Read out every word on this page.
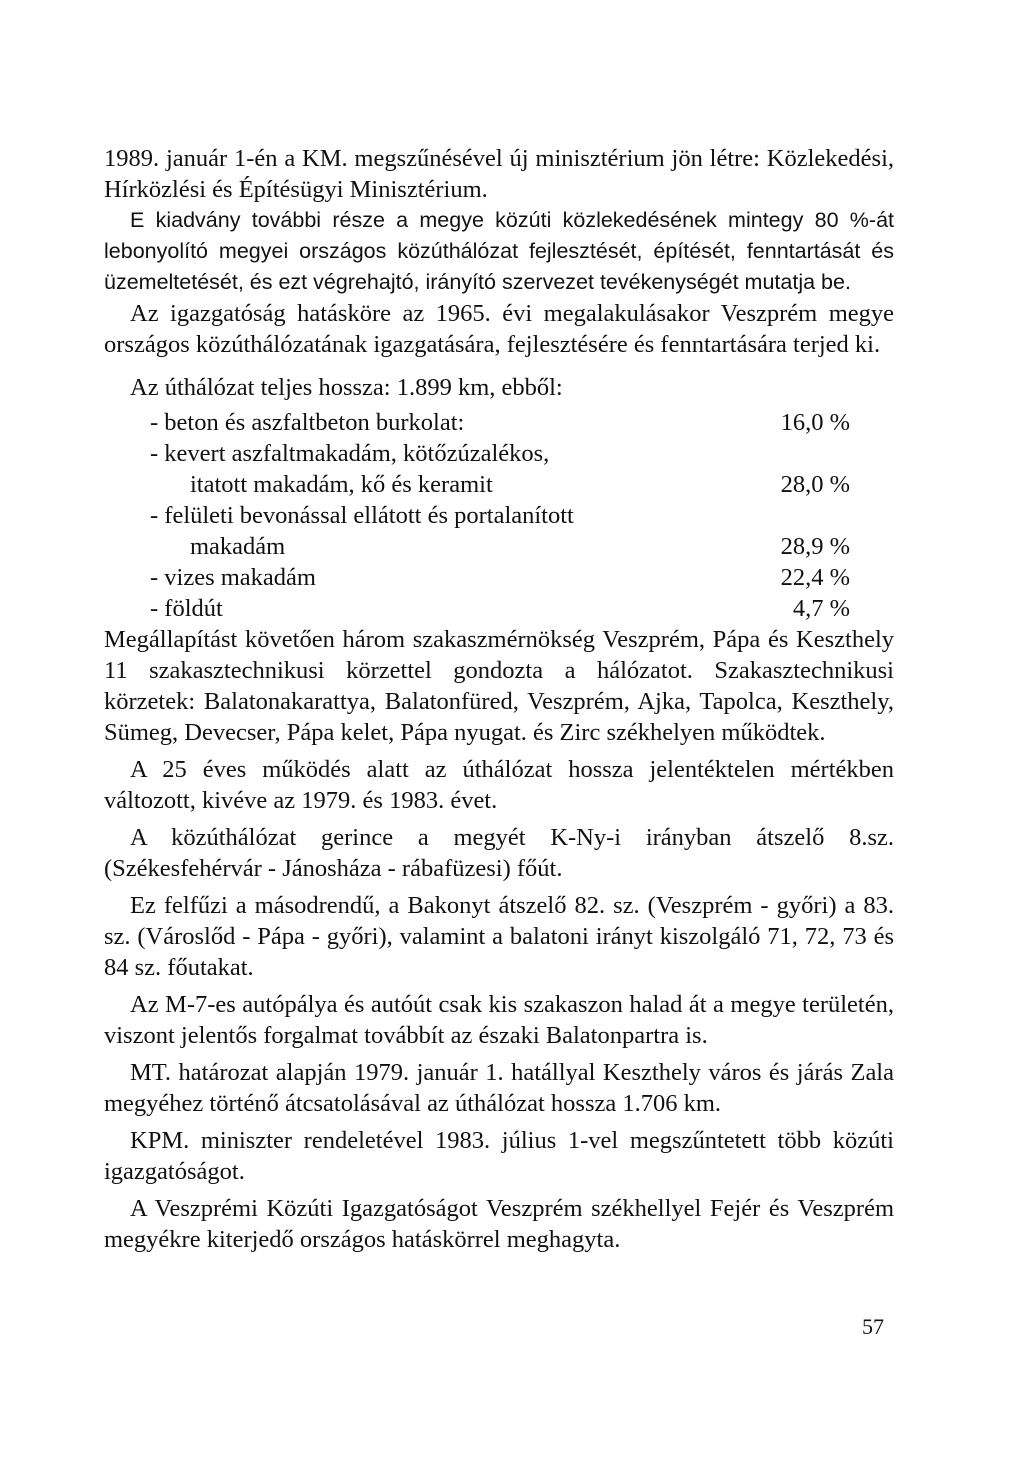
1989. január 1-én a KM. megszűnésével új minisztérium jön létre: Közlekedési, Hírközlési és Építésügyi Minisztérium.

E kiadvány további része a megye közúti közlekedésének mintegy 80 %-át lebonyolító megyei országos közúthálózat fejlesztését, építését, fenntartását és üzemeltetését, és ezt végrehajtó, irányító szervezet tevékenységét mutatja be.

Az igazgatóság hatásköre az 1965. évi megalakulásakor Veszprém megye országos közúthálózatának igazgatására, fejlesztésére és fenntartására terjed ki.

Az úthálózat teljes hossza: 1.899 km, ebből:

- beton és aszfaltbeton burkolat:	16,0 %
- kevert aszfaltmakadám, kötőzúzalékos,
itatott makadám, kő és keramit	28,0 %
- felületi bevonással ellátott és portalanított
makadám	28,9 %
- vizes makadám	22,4 %
- földút	4,7 %

Megállapítást követően három szakaszmérnökség Veszprém, Pápa és Keszthely 11 szakasztechnikusi körzettel gondozta a hálózatot. Szakasztechnikusi körzetek: Balatonakarattya, Balatonfüred, Veszprém, Ajka, Tapolca, Keszthely, Sümeg, Devecser, Pápa kelet, Pápa nyugat. és Zirc székhelyen működtek.

A 25 éves működés alatt az úthálózat hossza jelentéktelen mértékben változott, kivéve az 1979. és 1983. évet.

A közúthálózat gerince a megyét K-Ny-i irányban átszelő 8.sz. (Székesfehérvár - Jánosháza - rábafüzesi) főút.

Ez felfűzi a másodrendű, a Bakonyt átszelő 82. sz. (Veszprém - győri) a 83. sz. (Városlőd - Pápa - győri), valamint a balatoni irányt kiszolgáló 71, 72, 73 és 84 sz. főutakat.

Az M-7-es autópálya és autóút csak kis szakaszon halad át a megye területén, viszont jelentős forgalmat továbbít az északi Balatonpartra is.

MT. határozat alapján 1979. január 1. hatállyal Keszthely város és járás Zala megyéhez történő átcsatolásával az úthálózat hossza 1.706 km.

KPM. miniszter rendeletével 1983. július 1-vel megszűntetett több közúti igazgatóságot.

A Veszprémi Közúti Igazgatóságot Veszprém székhellyel Fejér és Veszprém megyékre kiterjedő országos hatáskörrel meghagyta.

57
